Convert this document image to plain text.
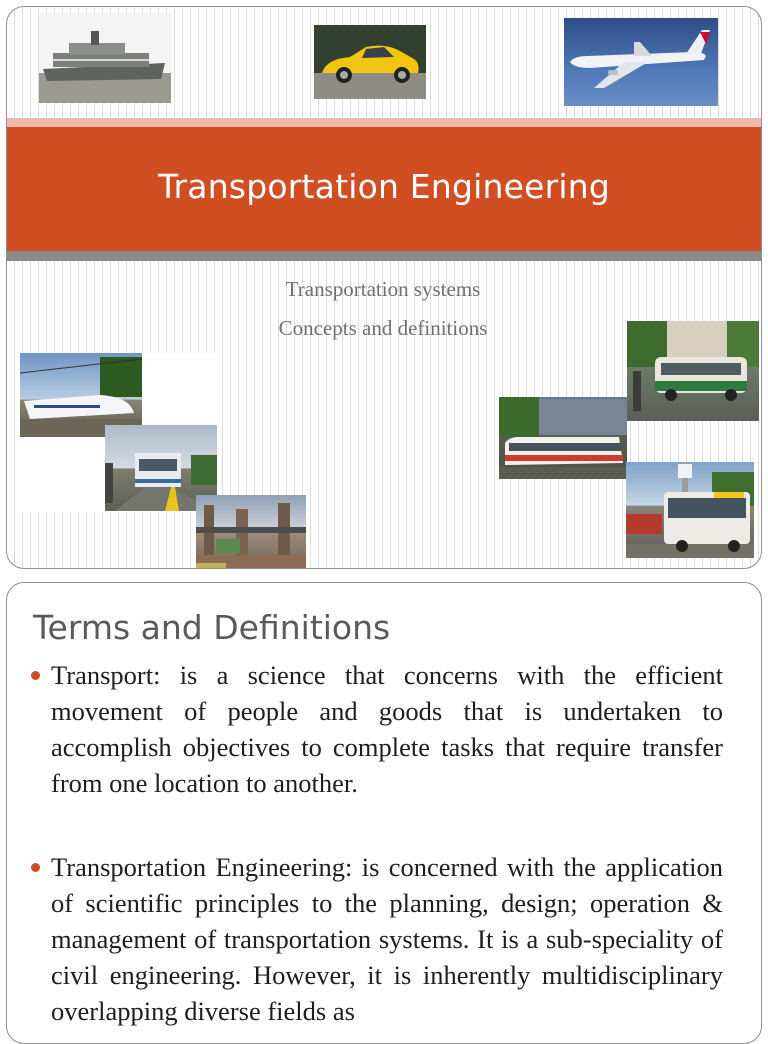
Transportation Engineering
Transportation systems
Concepts and definitions
Terms and Definitions
Transport: is a science that concerns with the efficient movement of people and goods that is undertaken to accomplish objectives to complete tasks that require transfer from one location to another.
Transportation Engineering: is concerned with the application of scientific principles to the planning, design; operation & management of transportation systems. It is a sub-speciality of civil engineering. However, it is inherently multidisciplinary overlapping diverse fields as
